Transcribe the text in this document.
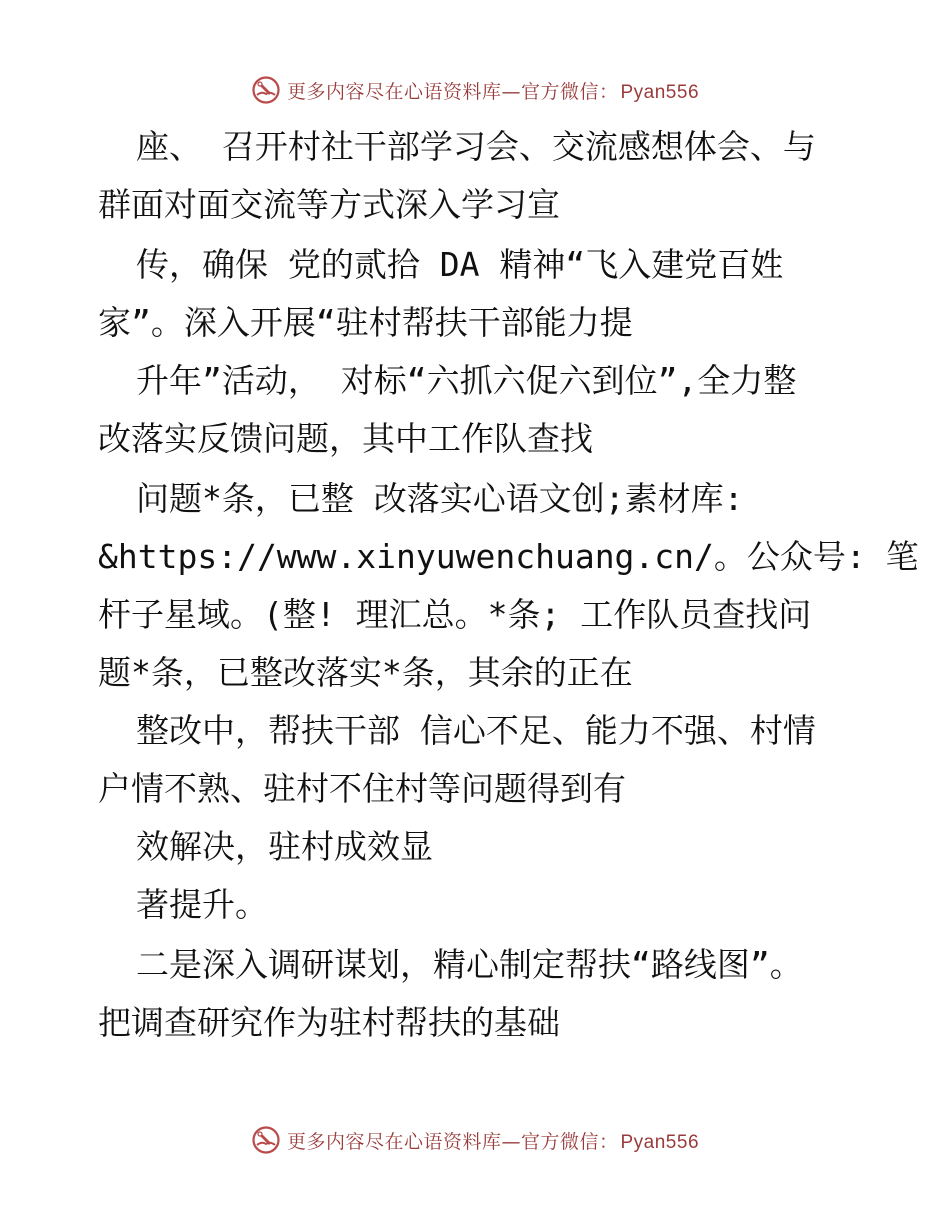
更多内容尽在心语资料库—官方微信： Pyan556
座、 召开村社干部学习会、交流感想体会、与
群面对面交流等方式深入学习宣
传，确保 党的贰拾 DA 精神“飞入建党百姓
家”。深入开展“驻村帮扶干部能力提
升年”活动， 对标“六抓六促六到位”,全力整
改落实反馈问题，其中工作队查找
问题*条，已整 改落实心语文创;素材库:
&https://www.xinyuwenchuang.cn/。公众号: 笔
杆子星域。(整! 理汇总。*条; 工作队员查找问
题*条，已整改落实*条，其余的正在
整改中，帮扶干部 信心不足、能力不强、村情
户情不熟、驻村不住村等问题得到有
效解决，驻村成效显
著提升。
二是深入调研谋划，精心制定帮扶“路线图”。
把调查研究作为驻村帮扶的基础
更多内容尽在心语资料库—官方微信： Pyan556
